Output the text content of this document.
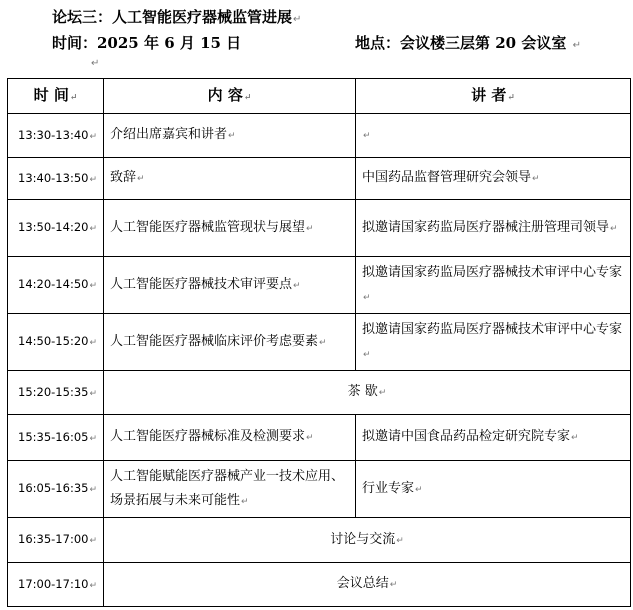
论坛三：人工智能医疗器械监管进展↵
时间：2025 年 6 月 15 日	地点：会议楼三层第 20 会议室 ↵
↵
时 间↵	内 容↵	讲 者↵
13:30-13:40↵	介绍出席嘉宾和讲者↵	↵
13:40-13:50↵	致辞↵	中国药品监督管理研究会领导↵
13:50-14:20↵	人工智能医疗器械监管现状与展望↵	拟邀请国家药监局医疗器械注册管理司领导↵
14:20-14:50↵	人工智能医疗器械技术审评要点↵	拟邀请国家药监局医疗器械技术审评中心专家↵
14:50-15:20↵	人工智能医疗器械临床评价考虑要素↵	拟邀请国家药监局医疗器械技术审评中心专家↵
15:20-15:35↵	茶 歇↵	
15:35-16:05↵	人工智能医疗器械标准及检测要求↵	拟邀请中国食品药品检定研究院专家↵
16:05-16:35↵	人工智能赋能医疗器械产业一技术应用、场景拓展与未来可能性↵	行业专家↵
16:35-17:00↵	讨论与交流↵	
17:00-17:10↵	会议总结↵	
